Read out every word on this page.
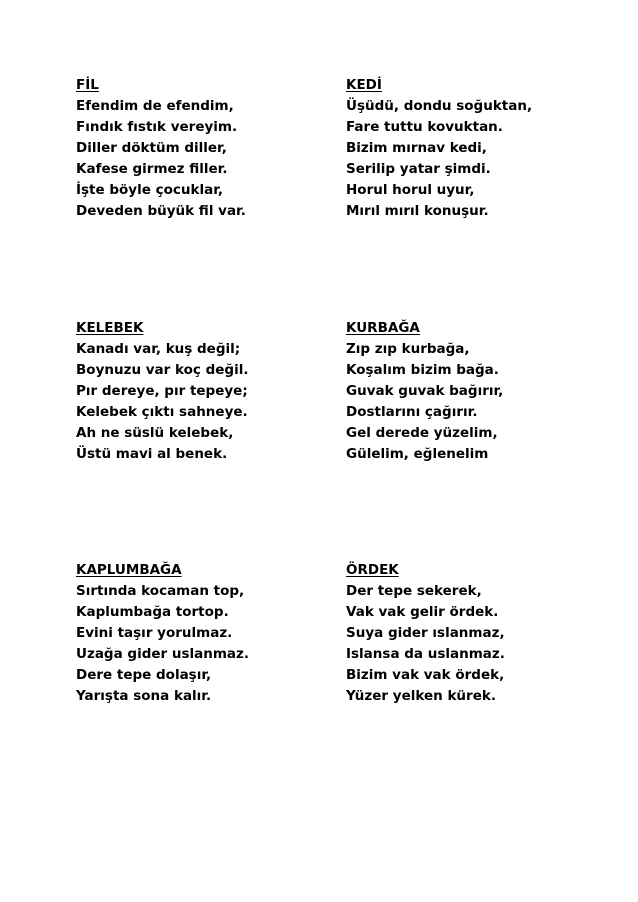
FİL
Efendim de efendim,
Fındık fıstık vereyim.
Diller döktüm diller,
Kafese girmez filler.
İşte böyle çocuklar,
Deveden büyük fil var.
KEDİ
Üşüdü, dondu soğuktan,
Fare tuttu kovuktan.
Bizim mırnav kedi,
Serilip yatar şimdi.
Horul horul uyur,
Mırıl mırıl konuşur.
KELEBEK
Kanadı var, kuş değil;
Boynuzu var koç değil.
Pır dereye, pır tepeye;
Kelebek çıktı sahneye.
Ah ne süslü kelebek,
Üstü mavi al benek.
KURBAĞA
Zıp zıp kurbağa,
Koşalım bizim bağa.
Guvak guvak bağırır,
Dostlarını çağırır.
Gel derede yüzelim,
Gülelim, eğlenelim
KAPLUMBAĞA
Sırtında kocaman top,
Kaplumbağa tortop.
Evini taşır yorulmaz.
Uzağa gider uslanmaz.
Dere tepe dolaşır,
Yarışta sona kalır.
ÖRDEK
Der tepe sekerek,
Vak vak gelir ördek.
Suya gider ıslanmaz,
Islansa da uslanmaz.
Bizim vak vak ördek,
Yüzer yelken kürek.
